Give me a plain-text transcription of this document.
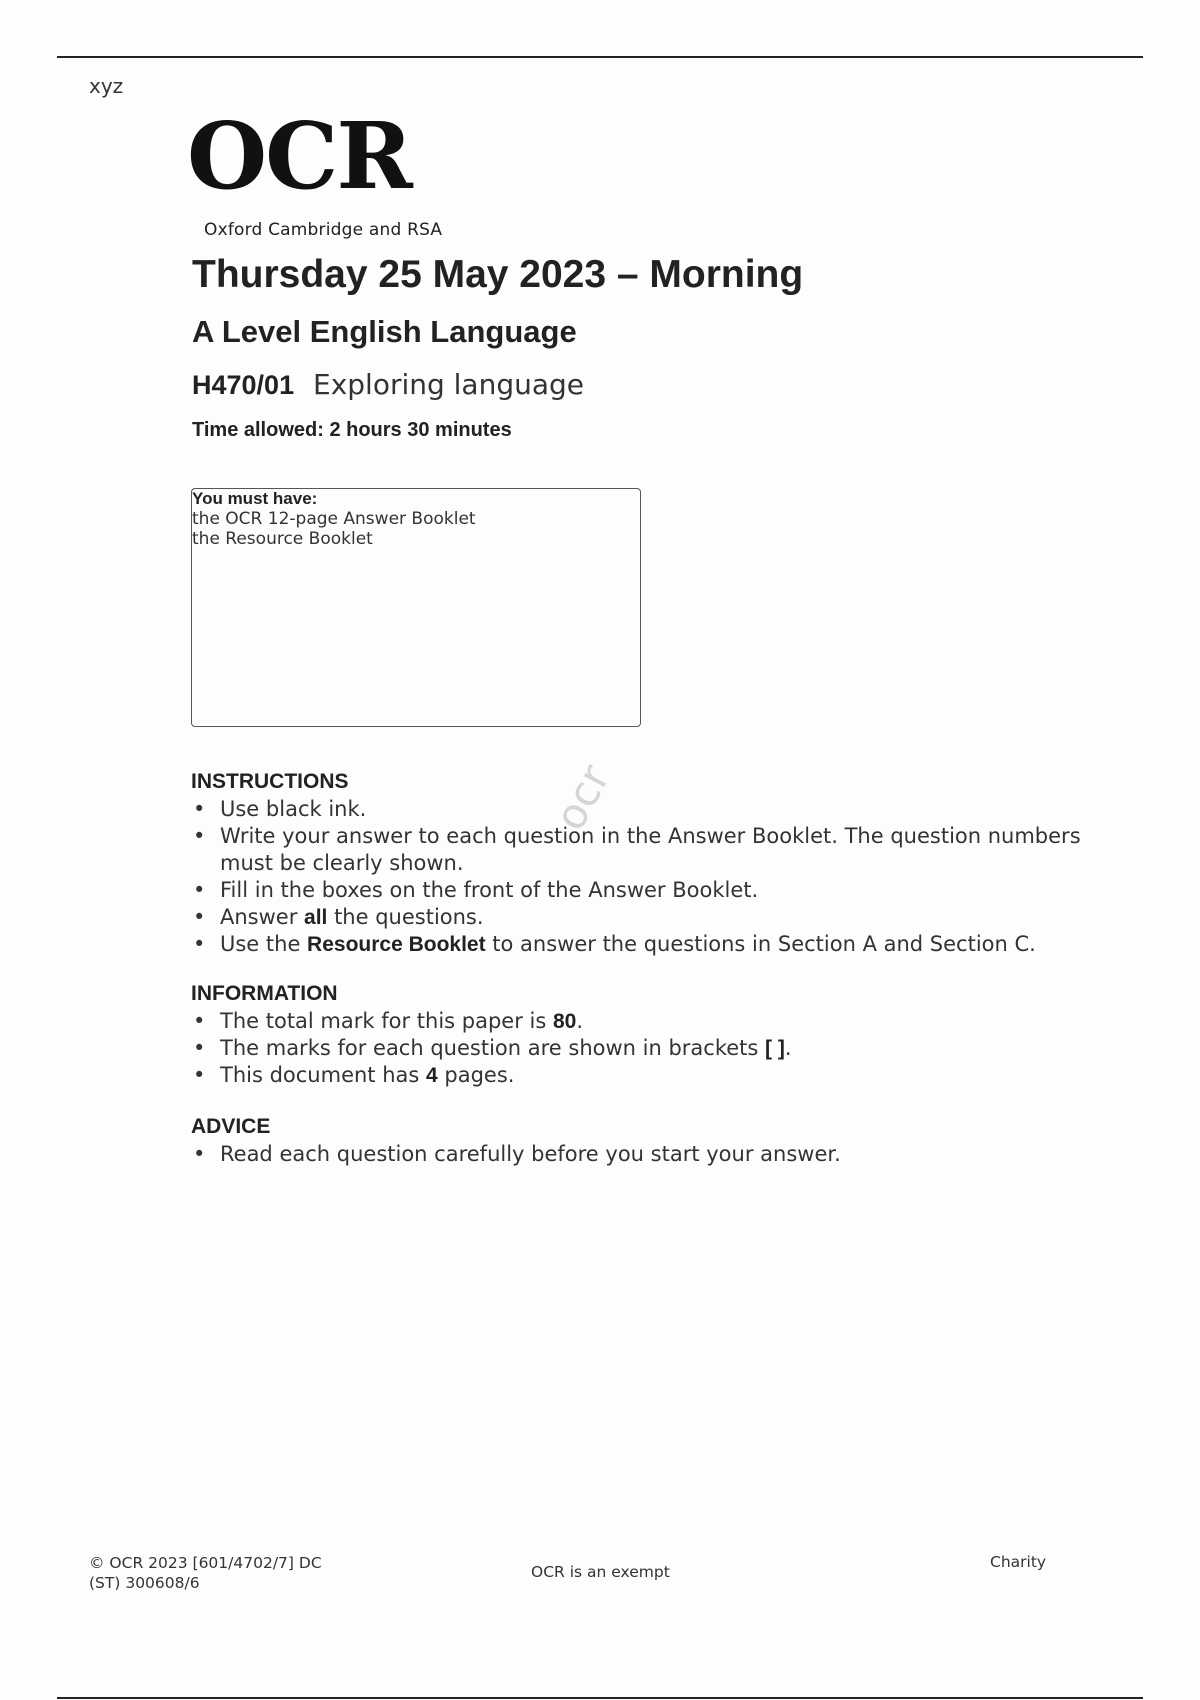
xyz
OCR
Oxford Cambridge and RSA
Thursday 25 May 2023 – Morning
A Level English Language
H470/01 Exploring language
Time allowed: 2 hours 30 minutes
You must have:
the OCR 12-page Answer Booklet
the Resource Booklet
ocr
INSTRUCTIONS
• Use black ink.
• Write your answer to each question in the Answer Booklet. The question numbers must be clearly shown.
• Fill in the boxes on the front of the Answer Booklet.
• Answer all the questions.
• Use the Resource Booklet to answer the questions in Section A and Section C.
INFORMATION
• The total mark for this paper is 80.
• The marks for each question are shown in brackets [ ].
• This document has 4 pages.
ADVICE
• Read each question carefully before you start your answer.
© OCR 2023 [601/4702/7] DC
(ST) 300608/6
OCR is an exempt
Charity
